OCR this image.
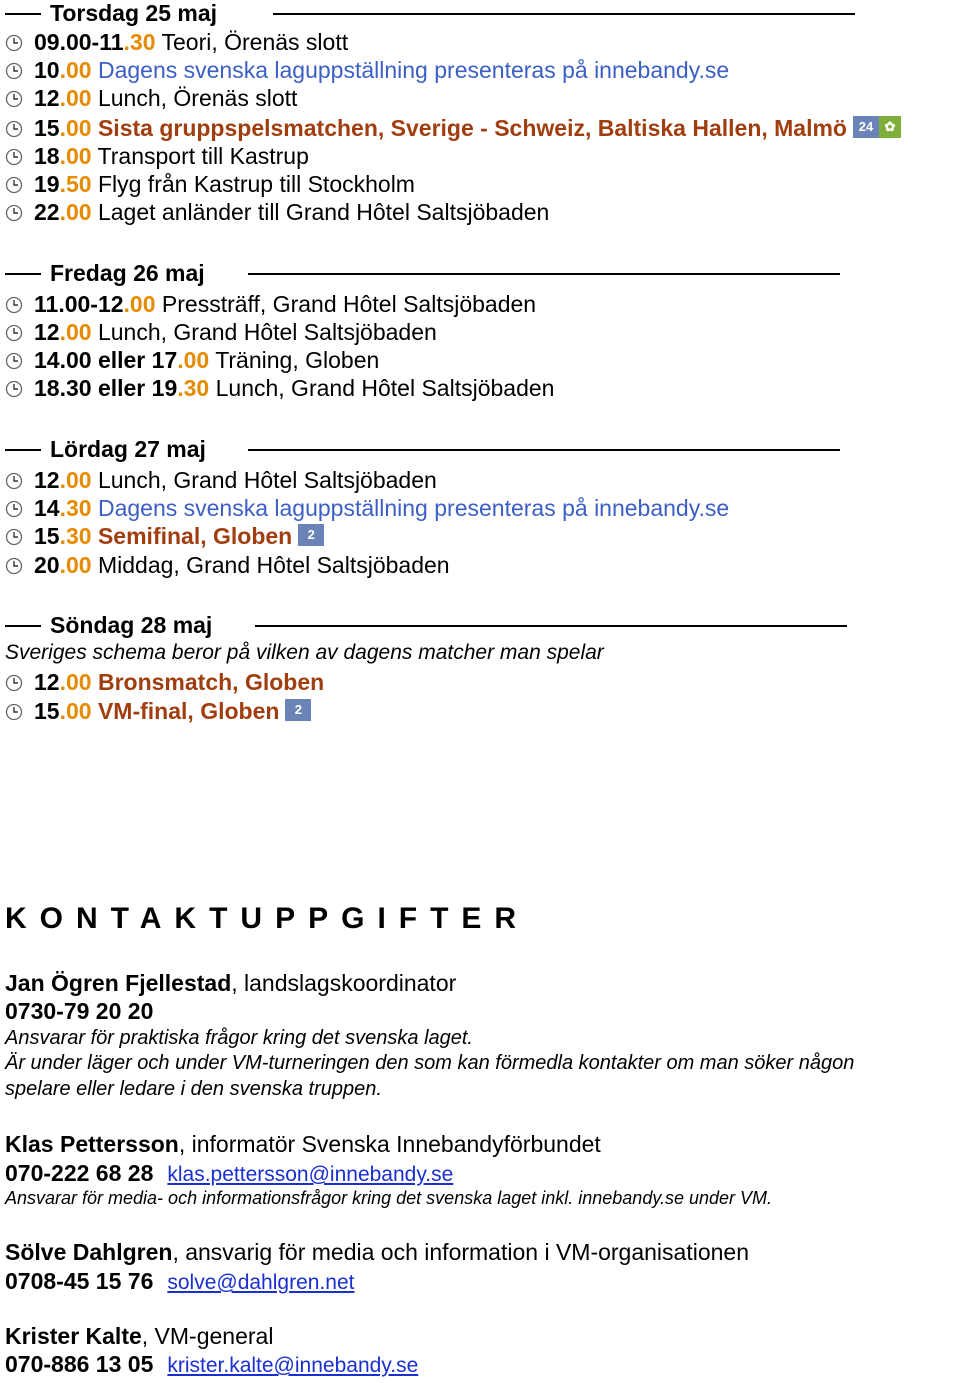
Torsdag 25 maj
09.00-11.30 Teori, Örenäs slott
10.00 Dagens svenska laguppställning presenteras på innebandy.se
12.00 Lunch, Örenäs slott
15.00 Sista gruppspelsmatchen, Sverige - Schweiz, Baltiska Hallen, Malmö 24 ✿
18.00 Transport till Kastrup
19.50 Flyg från Kastrup till Stockholm
22.00 Laget anländer till Grand Hôtel Saltsjöbaden
Fredag 26 maj
11.00-12.00 Pressträff, Grand Hôtel Saltsjöbaden
12.00 Lunch, Grand Hôtel Saltsjöbaden
14.00 eller 17.00 Träning, Globen
18.30 eller 19.30 Lunch, Grand Hôtel Saltsjöbaden
Lördag 27 maj
12.00 Lunch, Grand Hôtel Saltsjöbaden
14.30 Dagens svenska laguppställning presenteras på innebandy.se
15.30 Semifinal, Globen 2
20.00 Middag, Grand Hôtel Saltsjöbaden
Söndag 28 maj
Sveriges schema beror på vilken av dagens matcher man spelar
12.00 Bronsmatch, Globen
15.00 VM-final, Globen 2
KONTAKTUPPGIFTER
Jan Ögren Fjellestad, landslagskoordinator
0730-79 20 20
Ansvarar för praktiska frågor kring det svenska laget.
Är under läger och under VM-turneringen den som kan förmedla kontakter om man söker någon
spelare eller ledare i den svenska truppen.
Klas Pettersson, informatör Svenska Innebandyförbundet
070-222 68 28 klas.pettersson@innebandy.se
Ansvarar för media- och informationsfrågor kring det svenska laget inkl. innebandy.se under VM.
Sölve Dahlgren, ansvarig för media och information i VM-organisationen
0708-45 15 76 solve@dahlgren.net
Krister Kalte, VM-general
070-886 13 05 krister.kalte@innebandy.se
